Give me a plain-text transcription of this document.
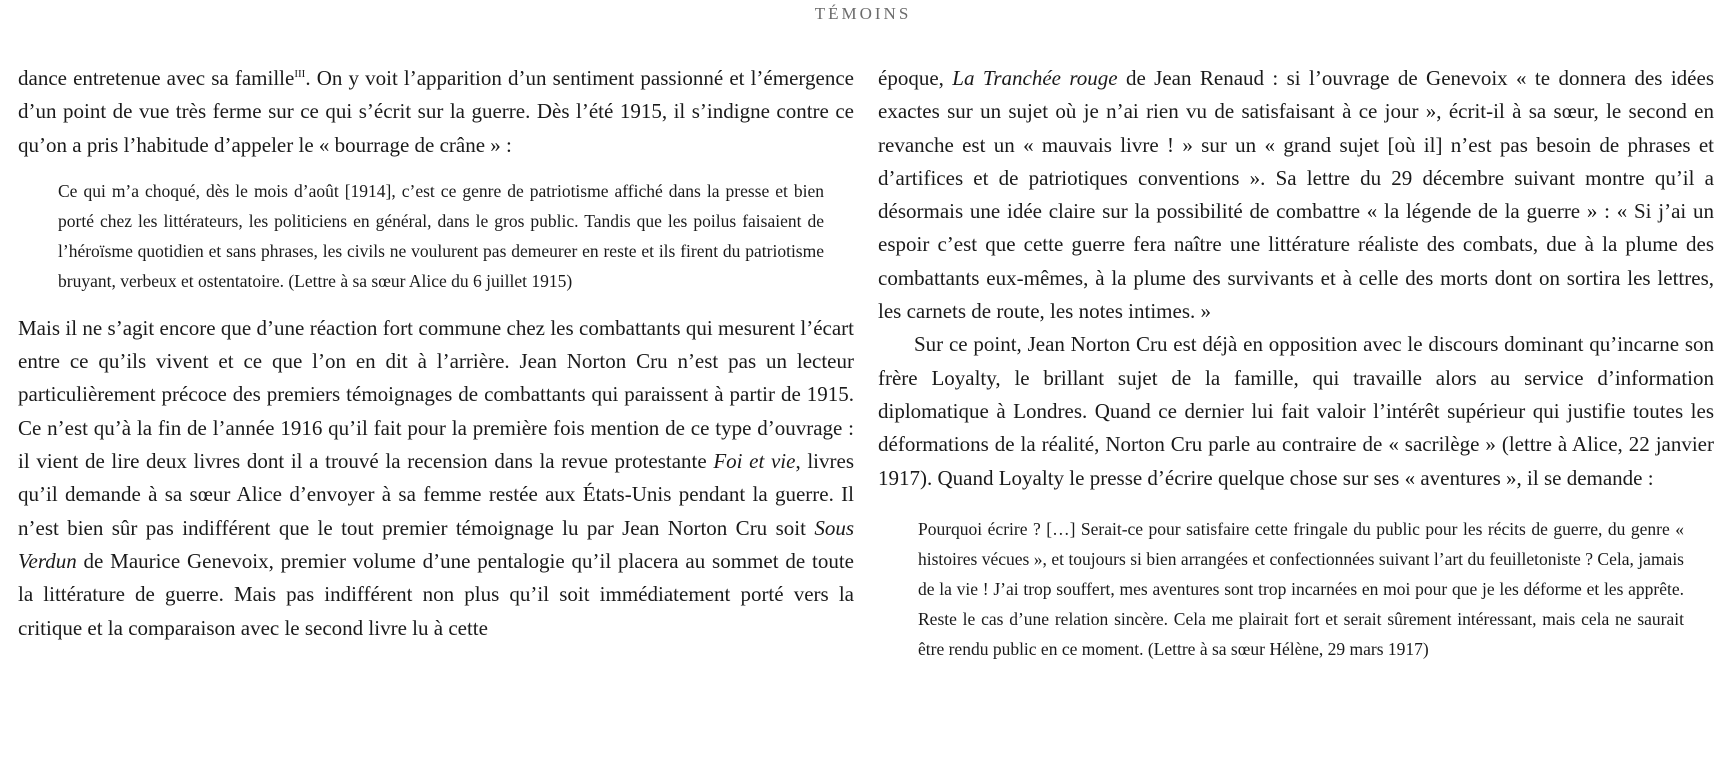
TÉMOINS

dance entretenue avec sa famille$^{III}$. On y voit l’apparition d’un sentiment passionné et l’émergence d’un point de vue très ferme sur ce qui s’écrit sur la guerre. Dès l’été 1915, il s’indigne contre ce qu’on a pris l’habitude d’appeler le « bourrage de crâne » :

Ce qui m’a choqué, dès le mois d’août [1914], c’est ce genre de patriotisme affiché dans la presse et bien porté chez les littérateurs, les politiciens en général, dans le gros public. Tandis que les poilus faisaient de l’héroïsme quotidien et sans phrases, les civils ne voulurent pas demeurer en reste et ils firent du patriotisme bruyant, verbeux et ostentatoire. (Lettre à sa sœur Alice du 6 juillet 1915)

Mais il ne s’agit encore que d’une réaction fort commune chez les combattants qui mesurent l’écart entre ce qu’ils vivent et ce que l’on en dit à l’arrière. Jean Norton Cru n’est pas un lecteur particulièrement précoce des premiers témoignages de combattants qui paraissent à partir de 1915. Ce n’est qu’à la fin de l’année 1916 qu’il fait pour la première fois mention de ce type d’ouvrage : il vient de lire deux livres dont il a trouvé la recension dans la revue protestante Foi et vie, livres qu’il demande à sa sœur Alice d’envoyer à sa femme restée aux États-Unis pendant la guerre. Il n’est bien sûr pas indifférent que le tout premier témoignage lu par Jean Norton Cru soit Sous Verdun de Maurice Genevoix, premier volume d’une pentalogie qu’il placera au sommet de toute la littérature de guerre. Mais pas indifférent non plus qu’il soit immédiatement porté vers la critique et la comparaison avec le second livre lu à cette

époque, La Tranchée rouge de Jean Renaud : si l’ouvrage de Genevoix « te donnera des idées exactes sur un sujet où je n’ai rien vu de satisfaisant à ce jour », écrit-il à sa sœur, le second en revanche est un « mauvais livre ! » sur un « grand sujet [où il] n’est pas besoin de phrases et d’artifices et de patriotiques conventions ». Sa lettre du 29 décembre suivant montre qu’il a désormais une idée claire sur la possibilité de combattre « la légende de la guerre » : « Si j’ai un espoir c’est que cette guerre fera naître une littérature réaliste des combats, due à la plume des combattants eux-mêmes, à la plume des survivants et à celle des morts dont on sortira les lettres, les carnets de route, les notes intimes. »

Sur ce point, Jean Norton Cru est déjà en opposition avec le discours dominant qu’incarne son frère Loyalty, le brillant sujet de la famille, qui travaille alors au service d’information diplomatique à Londres. Quand ce dernier lui fait valoir l’intérêt supérieur qui justifie toutes les déformations de la réalité, Norton Cru parle au contraire de « sacrilège » (lettre à Alice, 22 janvier 1917). Quand Loyalty le presse d’écrire quelque chose sur ses « aventures », il se demande :

Pourquoi écrire ? […] Serait-ce pour satisfaire cette fringale du public pour les récits de guerre, du genre « histoires vécues », et toujours si bien arrangées et confectionnées suivant l’art du feuilletoniste ? Cela, jamais de la vie ! J’ai trop souffert, mes aventures sont trop incarnées en moi pour que je les déforme et les apprête. Reste le cas d’une relation sincère. Cela me plairait fort et serait sûrement intéressant, mais cela ne saurait être rendu public en ce moment. (Lettre à sa sœur Hélène, 29 mars 1917)
